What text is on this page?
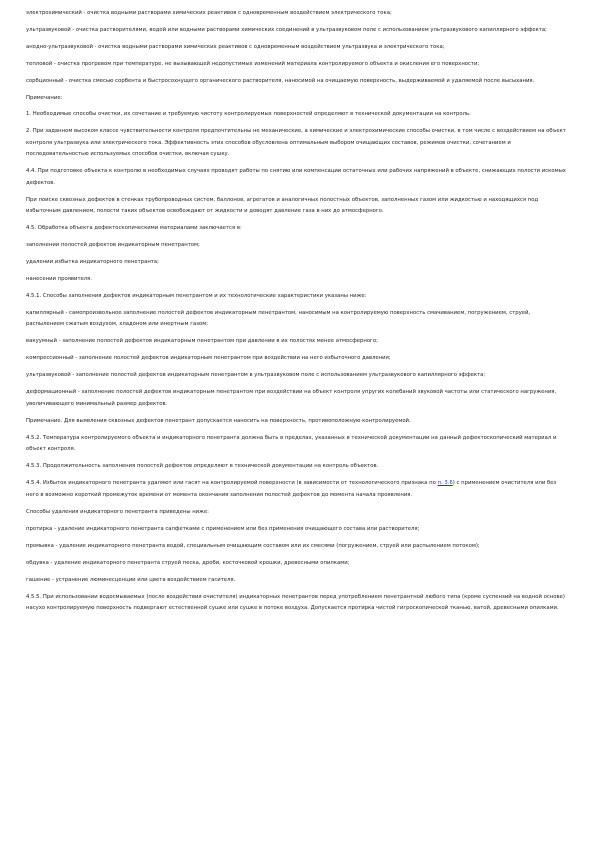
электрохимический - очистка водными растворами химических реактивов с одновременным воздействием электрического тока;

ультразвуковой - очистка растворителями, водой или водными растворами химических соединений в ультразвуковом поле с использованием ультразвукового капиллярного эффекта;

анодно-ультразвуковой - очистка водными растворами химических реактивов с одновременным воздействием ультразвука и электрического тока;

тепловой - очистка прогревом при температуре, не вызывающей недопустимых изменений материала контролируемого объекта и окисления его поверхности;

сорбционный - очистка смесью сорбента и быстросохнущего органического растворителя, наносимой на очищаемую поверхность, выдерживаемой и удаляемой после высыхания.

Примечание:

1. Необходимые способы очистки, их сочетание и требуемую чистоту контролируемых поверхностей определяют в технической документации на контроль.

2. При заданном высоком классе чувствительности контроля предпочтительны не механические, а химические и электрохимические способы очистки, в том числе с воздействием на объект контроля ультразвука или электрического тока. Эффективность этих способов обусловлена оптимальным выбором очищающих составов, режимов очистки, сочетанием и последовательностью используемых способов очистки, включая сушку.

4.4. При подготовке объекта к контролю в необходимых случаях проводят работы по снятию или компенсации остаточных или рабочих напряжений в объекте, снижающих полости искомых дефектов.

При поиске сквозных дефектов в стенках трубопроводных систем, баллонов, агрегатов и аналогичных полостных объектов, заполненных газом или жидкостью и находящихся под избыточным давлением, полости таких объектов освобождают от жидкости и доводят давление газа в них до атмосферного.

4.5. Обработка объекта дефектоскопическими материалами заключается в:

заполнении полостей дефектов индикаторным пенетрантом;

удалении избытка индикаторного пенетранта;

нанесении проявителя.

4.5.1. Способы заполнения дефектов индикаторным пенетрантом и их технологические характеристики указаны ниже:

капиллярный - самопроизвольное заполнение полостей дефектов индикаторным пенетрантом, наносимым на контролируемую поверхность смачиванием, погружением, струей, распылением сжатым воздухом, хладоном или инертным газом;

вакуумный - заполнение полостей дефектов индикаторным пенетрантом при давлении в их полостях менее атмосферного;

компрессионный - заполнение полостей дефектов индикаторным пенетрантом при воздействии на него избыточного давления;

ультразвуковой - заполнение полостей дефектов индикаторным пенетрантом в ультразвуковом поле с использованием ультразвукового капиллярного эффекта;

деформационный - заполнение полостей дефектов индикаторным пенетрантом при воздействии на объект контроля упругих колебаний звуковой частоты или статического нагружения, увеличивающего минимальный размер дефектов.

Примечание. Для выявления сквозных дефектов пенетрант допускается наносить на поверхность, противоположную контролируемой.

4.5.2. Температура контролируемого объекта и индикаторного пенетранта должна быть в пределах, указанных в технической документации на данный дефектоскопический материал и объект контроля.

4.5.3. Продолжительность заполнения полостей дефектов определяют в технической документации на контроль объектов.

4.5.4. Избыток индикаторного пенетранта удаляют или гасят на контролируемой поверхности (в зависимости от технологического признака по п. 3.6) с применением очистителя или без него в возможно короткий промежуток времени от момента окончания заполнения полостей дефектов до момента начала проявления.

Способы удаления индикаторного пенетранта приведены ниже:

протирка - удаление индикаторного пенетранта салфетками с применением или без применения очищающего состава или растворителя;

промывка - удаление индикаторного пенетранта водой, специальным очищающим составом или их смесями (погружением, струей или распылением потоком);

обдувка - удаление индикаторного пенетранта струей песка, дроби, косточковой крошки, древесными опилками;

гашение - устранение люминесценции или цвета воздействием гасителя.

4.5.5. При использовании водосмываемых (после воздействия очистителя) индикаторных пенетрантов перед употреблением пенетрантной любого типа (кроме суспензий на водной основе) насухо контролируемую поверхность подвергают естественной сушке или сушке в потоке воздуха. Допускается протирка чистой гигроскопической тканью, ватой, древесными опилками.
